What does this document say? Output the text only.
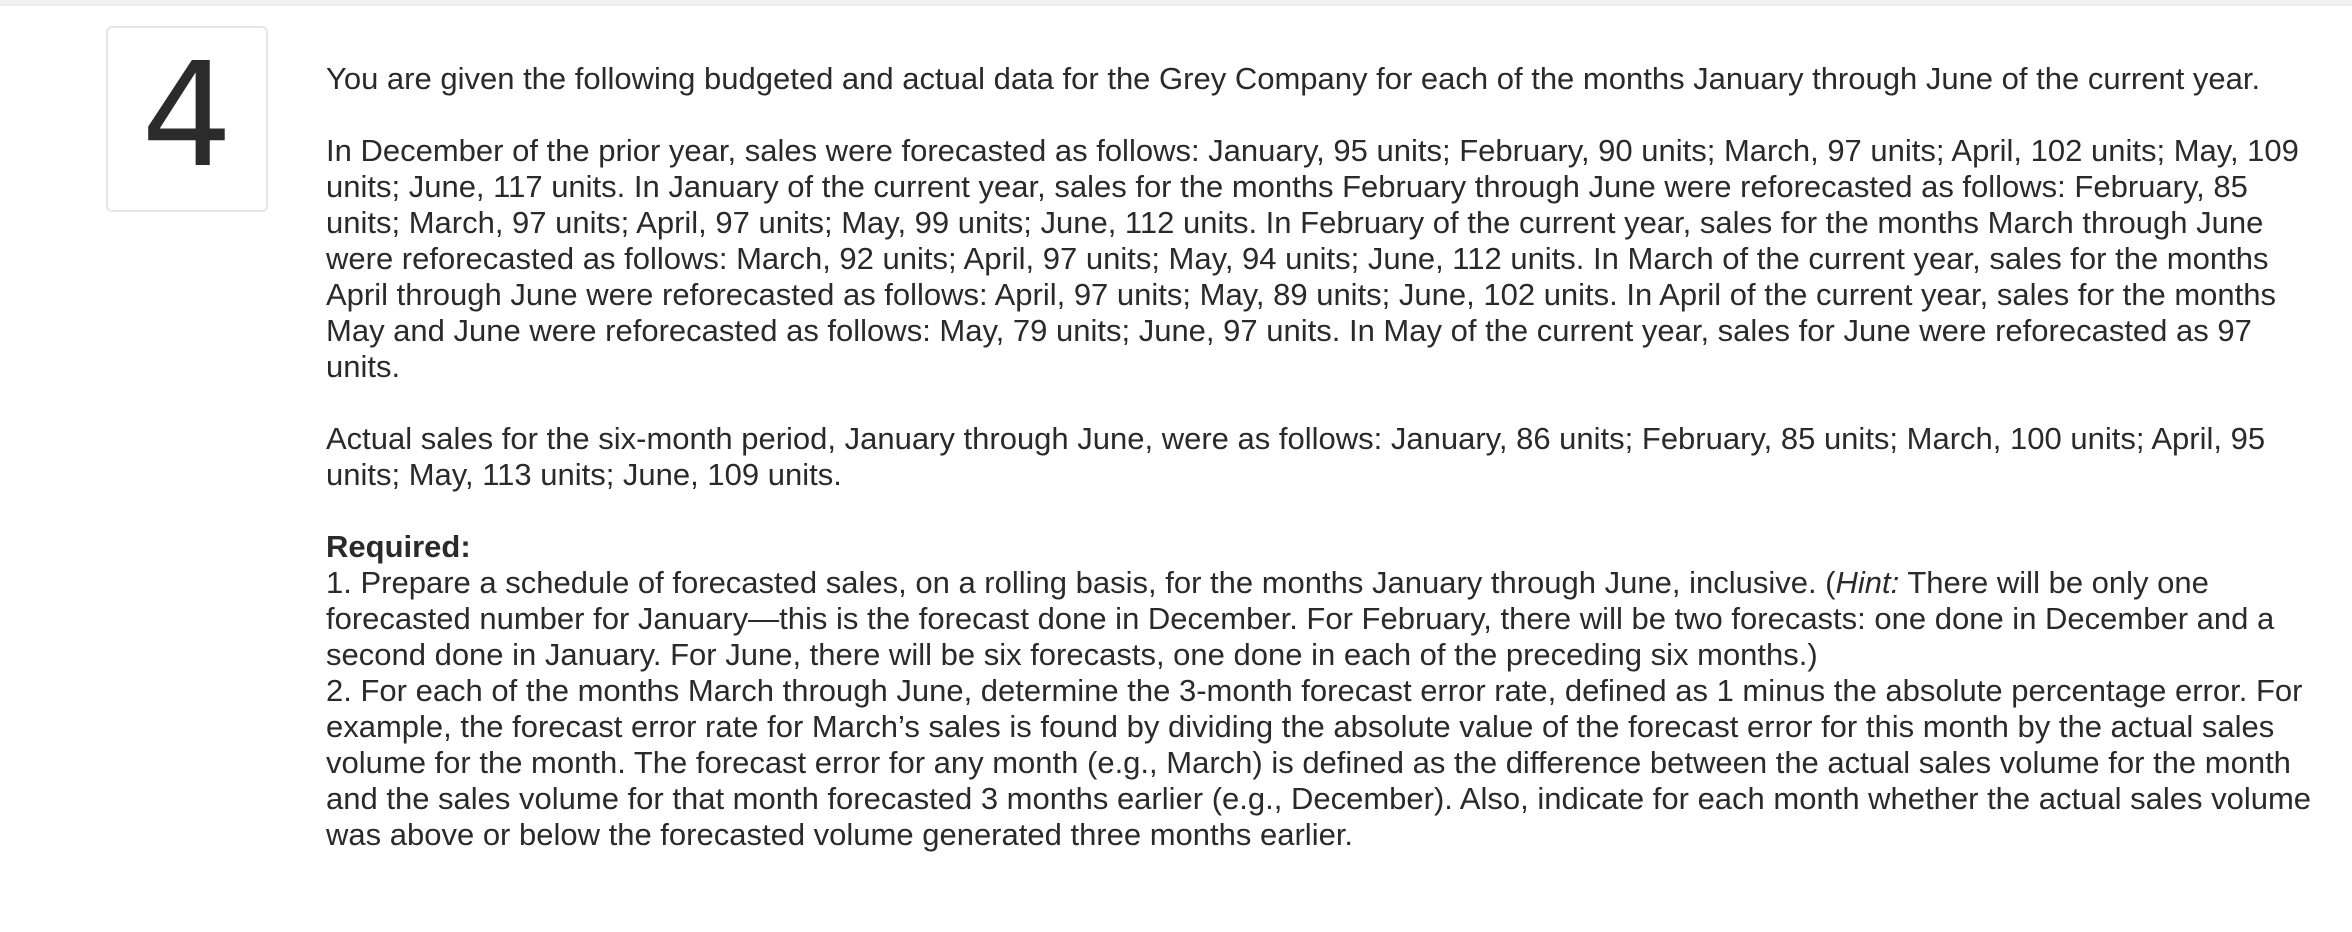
4	You are given the following budgeted and actual data for the Grey Company for each of the months January through June of the current year.

In December of the prior year, sales were forecasted as follows: January, 95 units; February, 90 units; March, 97 units; April, 102 units; May, 109 units; June, 117 units. In January of the current year, sales for the months February through June were reforecasted as follows: February, 85 units; March, 97 units; April, 97 units; May, 99 units; June, 112 units. In February of the current year, sales for the months March through June were reforecasted as follows: March, 92 units; April, 97 units; May, 94 units; June, 112 units. In March of the current year, sales for the months April through June were reforecasted as follows: April, 97 units; May, 89 units; June, 102 units. In April of the current year, sales for the months May and June were reforecasted as follows: May, 79 units; June, 97 units. In May of the current year, sales for June were reforecasted as 97 units.

Actual sales for the six-month period, January through June, were as follows: January, 86 units; February, 85 units; March, 100 units; April, 95 units; May, 113 units; June, 109 units.

Required:

1. Prepare a schedule of forecasted sales, on a rolling basis, for the months January through June, inclusive. (Hint: There will be only one forecasted number for January—this is the forecast done in December. For February, there will be two forecasts: one done in December and a second done in January. For June, there will be six forecasts, one done in each of the preceding six months.)

2. For each of the months March through June, determine the 3-month forecast error rate, defined as 1 minus the absolute percentage error. For example, the forecast error rate for March’s sales is found by dividing the absolute value of the forecast error for this month by the actual sales volume for the month. The forecast error for any month (e.g., March) is defined as the difference between the actual sales volume for the month and the sales volume for that month forecasted 3 months earlier (e.g., December). Also, indicate for each month whether the actual sales volume was above or below the forecasted volume generated three months earlier.
